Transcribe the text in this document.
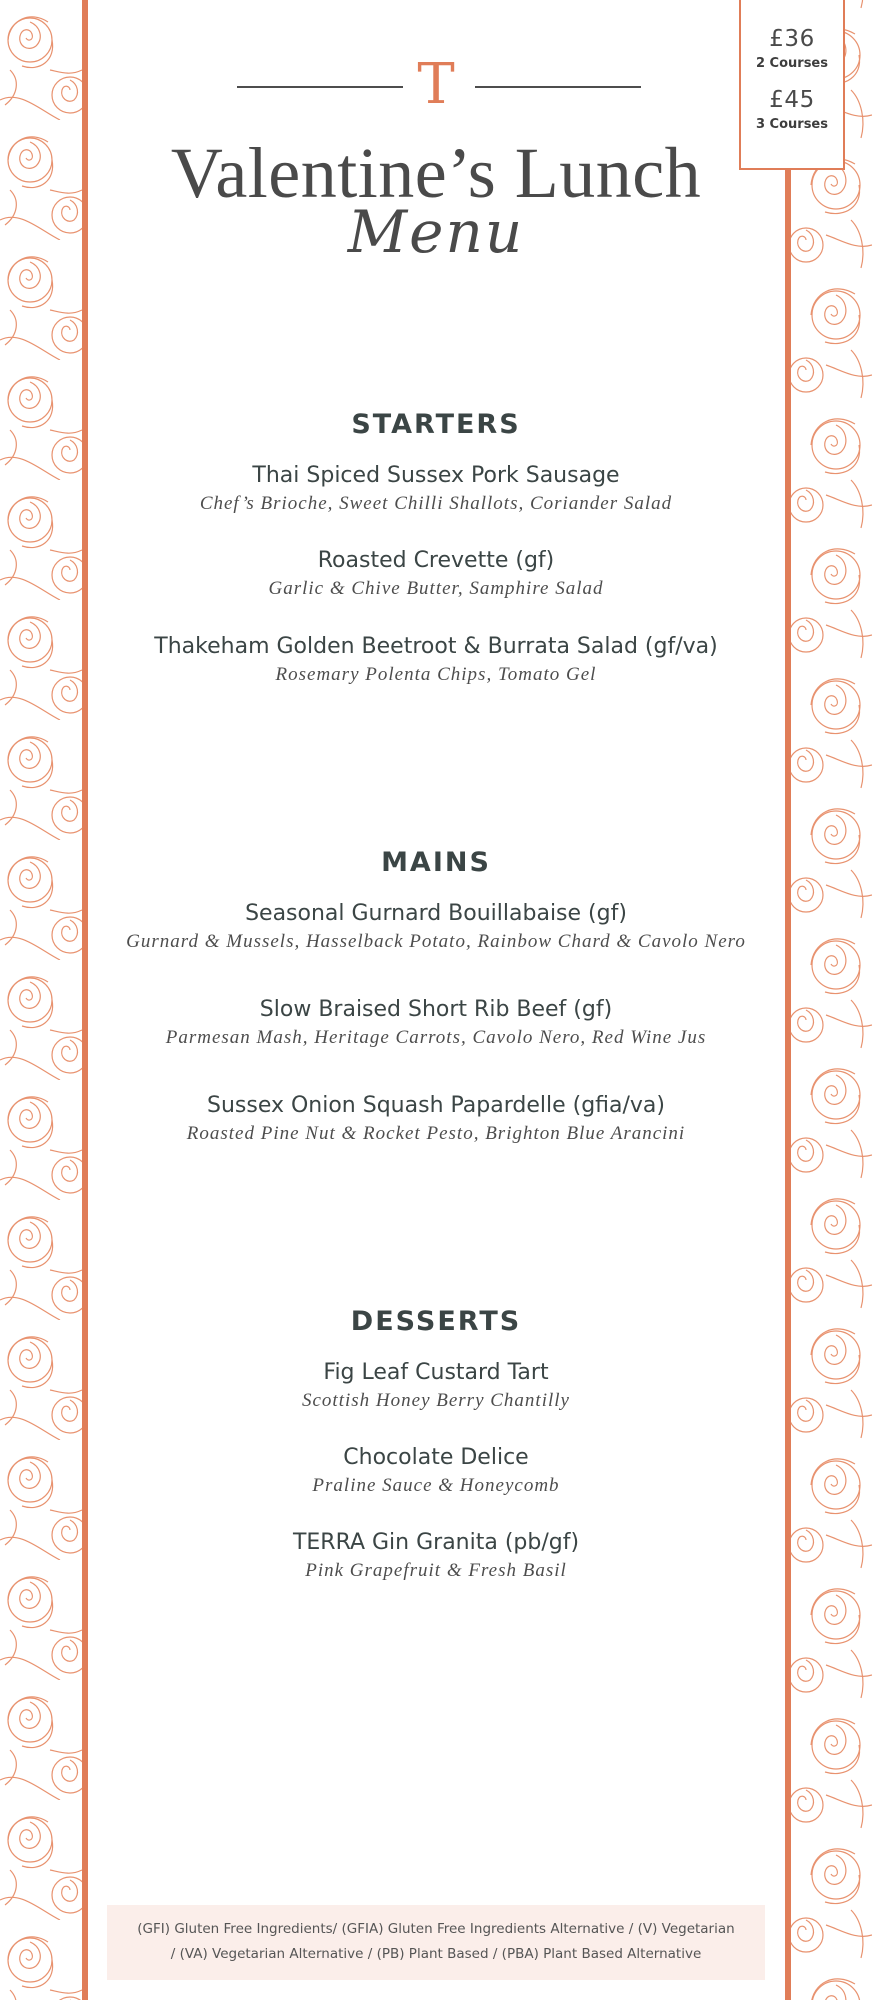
£36
2 Courses
£45
3 Courses
T
Valentine’s Lunch
Menu
STARTERS
Thai Spiced Sussex Pork Sausage
Chef’s Brioche, Sweet Chilli Shallots, Coriander Salad
Roasted Crevette (gf)
Garlic & Chive Butter, Samphire Salad
Thakeham Golden Beetroot & Burrata Salad (gf/va)
Rosemary Polenta Chips, Tomato Gel
MAINS
Seasonal Gurnard Bouillabaise (gf)
Gurnard & Mussels, Hasselback Potato, Rainbow Chard & Cavolo Nero
Slow Braised Short Rib Beef (gf)
Parmesan Mash, Heritage Carrots, Cavolo Nero, Red Wine Jus
Sussex Onion Squash Papardelle (gfia/va)
Roasted Pine Nut & Rocket Pesto, Brighton Blue Arancini
DESSERTS
Fig Leaf Custard Tart
Scottish Honey Berry Chantilly
Chocolate Delice
Praline Sauce & Honeycomb
TERRA Gin Granita (pb/gf)
Pink Grapefruit & Fresh Basil
(GFI) Gluten Free Ingredients/ (GFIA) Gluten Free Ingredients Alternative / (V) Vegetarian
/ (VA) Vegetarian Alternative / (PB) Plant Based / (PBA) Plant Based Alternative
